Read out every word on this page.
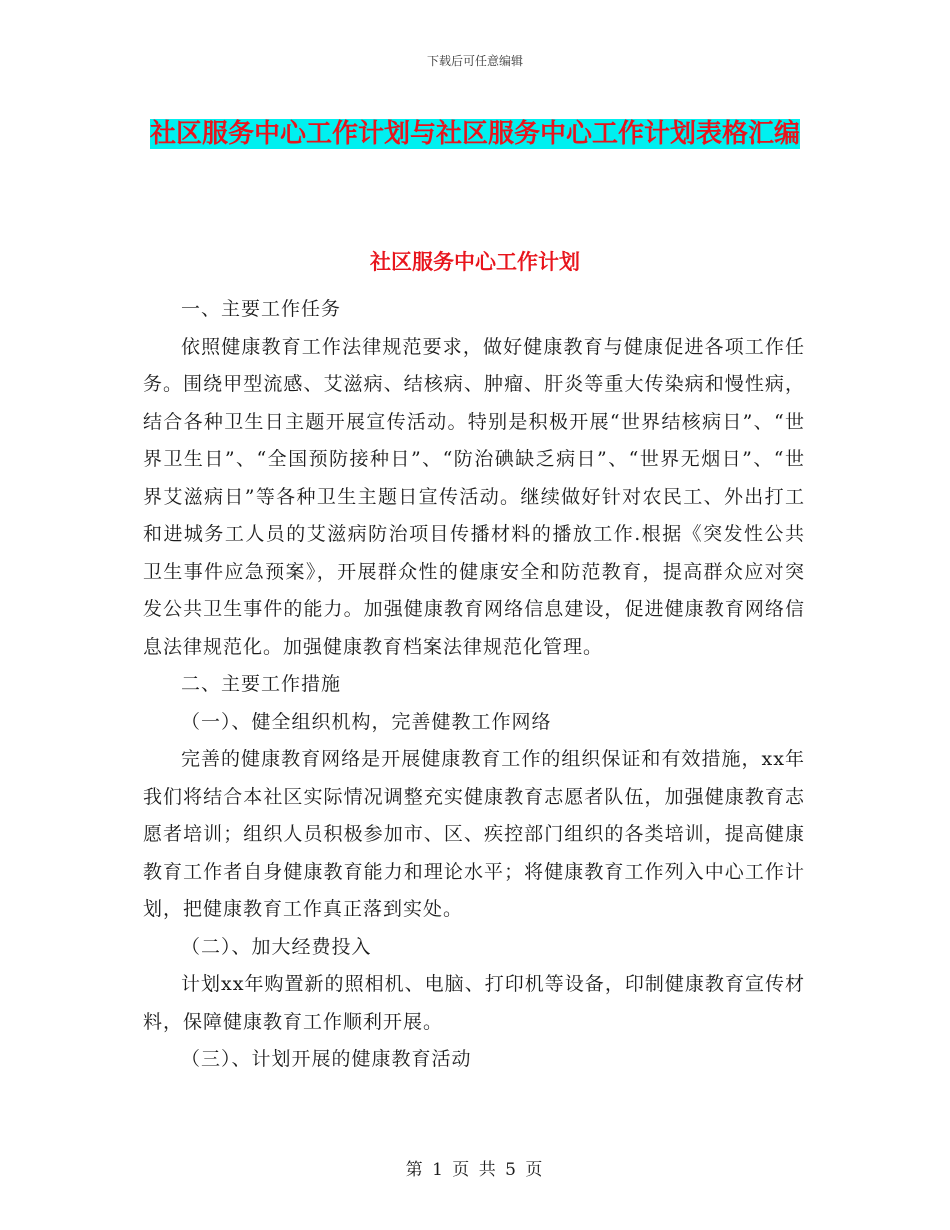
下载后可任意编辑
社区服务中心工作计划与社区服务中心工作计划表格汇编
社区服务中心工作计划

一、主要工作任务

依照健康教育工作法律规范要求，做好健康教育与健康促进各项工作任务。围绕甲型流感、艾滋病、结核病、肿瘤、肝炎等重大传染病和慢性病，结合各种卫生日主题开展宣传活动。特别是积极开展“世界结核病日”、“世界卫生日”、“全国预防接种日”、“防治碘缺乏病日”、“世界无烟日”、“世界艾滋病日”等各种卫生主题日宣传活动。继续做好针对农民工、外出打工和进城务工人员的艾滋病防治项目传播材料的播放工作.根据《突发性公共卫生事件应急预案》，开展群众性的健康安全和防范教育，提高群众应对突发公共卫生事件的能力。加强健康教育网络信息建设，促进健康教育网络信息法律规范化。加强健康教育档案法律规范化管理。

二、主要工作措施

（一）、健全组织机构，完善健教工作网络

完善的健康教育网络是开展健康教育工作的组织保证和有效措施，xx年我们将结合本社区实际情况调整充实健康教育志愿者队伍，加强健康教育志愿者培训；组织人员积极参加市、区、疾控部门组织的各类培训，提高健康教育工作者自身健康教育能力和理论水平；将健康教育工作列入中心工作计划，把健康教育工作真正落到实处。

（二）、加大经费投入

计划xx年购置新的照相机、电脑、打印机等设备，印制健康教育宣传材料，保障健康教育工作顺利开展。

（三）、计划开展的健康教育活动

第 1 页 共 5 页
